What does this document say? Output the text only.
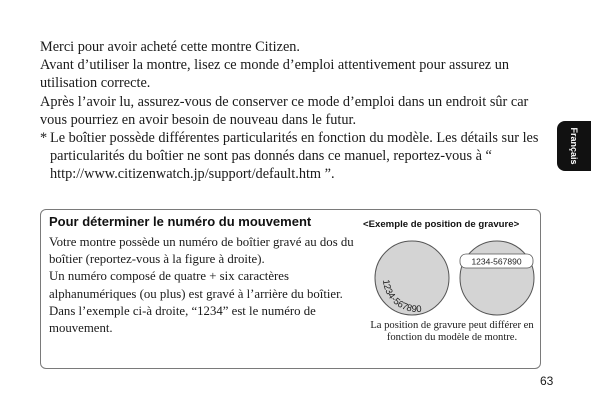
Merci pour avoir acheté cette montre Citizen.

Avant d’utiliser la montre, lisez ce monde d’emploi attentivement pour assurez un utilisation correcte.

Après l’avoir lu, assurez-vous de conserver ce mode d’emploi dans un endroit sûr car vous pourriez en avoir besoin de nouveau dans le futur.

* Le boîtier possède différentes particularités en fonction du modèle. Les détails sur les particularités du boîtier ne sont pas donnés dans ce manuel, reportez-vous à “ http://www.citizenwatch.jp/support/default.htm ”.
Français
Pour déterminer le numéro du mouvement

Votre montre possède un numéro de boîtier gravé au dos du boîtier (reportez-vous à la figure à droite).

Un numéro composé de quatre + six caractères alphanumériques (ou plus) est gravé à l’arrière du boîtier.

Dans l’exemple ci-à droite, “1234” est le numéro de mouvement.

<Exemple de position de gravure>
1234-567890
1234-567890

La position de gravure peut différer en fonction du modèle de montre.

63
